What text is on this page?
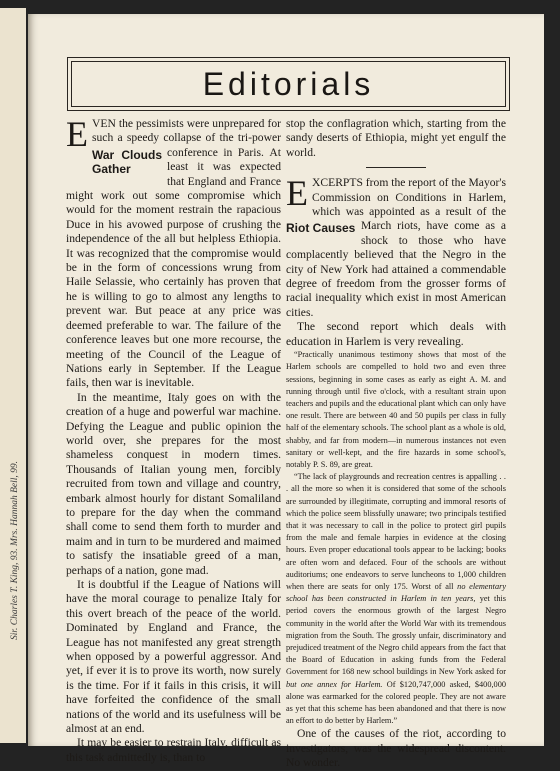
Sir. Charles T. King, 93. Mrs. Hannah Bell, 99.
Editorials

EVEN the pessimists were unprepared for such a speedy collapse of the tri-power conference in Paris.
War Clouds Gather
At least it was expected that England and France might work out some compromise which would for the moment restrain the rapacious Duce in his avowed purpose of crushing the independence of the all but helpless Ethiopia. It was recognized that the compromise would be in the form of concessions wrung from Haile Selassie, who certainly has proven that he is willing to go to almost any lengths to prevent war. But peace at any price was deemed preferable to war. The failure of the conference leaves but one more recourse, the meeting of the Council of the League of Nations early in September. If the League fails, then war is inevitable.

In the meantime, Italy goes on with the creation of a huge and powerful war machine. Defying the League and public opinion the world over, she prepares for the most shameless conquest in modern times. Thousands of Italian young men, forcibly recruited from town and village and country, embark almost hourly for distant Somaliland to prepare for the day when the command shall come to send them forth to murder and maim and in turn to be murdered and maimed to satisfy the insatiable greed of a man, perhaps of a nation, gone mad.

It is doubtful if the League of Nations will have the moral courage to penalize Italy for this overt breach of the peace of the world. Dominated by England and France, the League has not manifested any great strength when opposed by a powerful aggressor. And yet, if ever it is to prove its worth, now surely is the time. For if it fails in this crisis, it will have forfeited the confidence of the small nations of the world and its usefulness will be almost at an end.

It may be easier to restrain Italy, difficult as this task admittedly is, than to

stop the conflagration which, starting from the sandy deserts of Ethiopia, might yet engulf the world.

EXCERPTS from the report of the Mayor's Commission on Conditions in Harlem, which was appointed as a result of the
Riot Causes March riots, have come as a shock to those who have complacently believed that the Negro in the city of New York had attained a commendable degree of freedom from the grosser forms of racial inequality which exist in most American cities.

The second report which deals with education in Harlem is very revealing.

“Practically unanimous testimony shows that most of the Harlem schools are compelled to hold two and even three sessions, beginning in some cases as early as eight A. M. and running through until five o'clock, with a resultant strain upon teachers and pupils and the educational plant which can only have one result. There are between 40 and 50 pupils per class in fully half of the elementary schools. The school plant as a whole is old, shabby, and far from modern—in numerous instances not even sanitary or well-kept, and the fire hazards in some school's, notably P. S. 89, are great.

“The lack of playgrounds and recreation centres is appalling . . . all the more so when it is considered that some of the schools are surrounded by illegitimate, corrupting and immoral resorts of which the police seem blissfully unaware; two principals testified that it was necessary to call in the police to protect girl pupils from the male and female harpies in evidence at the closing hours. Even proper educational tools appear to be lacking; books are often worn and defaced. Four of the schools are without auditoriums; one endeavors to serve luncheons to 1,000 children when there are seats for only 175. Worst of all no elementary school has been constructed in Harlem in ten years, yet this period covers the enormous growth of the largest Negro community in the world after the World War with its tremendous migration from the South. The grossly unfair, discriminatory and prejudiced treatment of the Negro child appears from the fact that the Board of Education in asking funds from the Federal Government for 168 new school buildings in New York asked for but one annex for Harlem. Of $120,747,000 asked, $400,000 alone was earmarked for the colored people. They are not aware as yet that this scheme has been abandoned and that there is now an effort to do better by Harlem.”

One of the causes of the riot, according to investigators, was the widespread discontent. No wonder.
